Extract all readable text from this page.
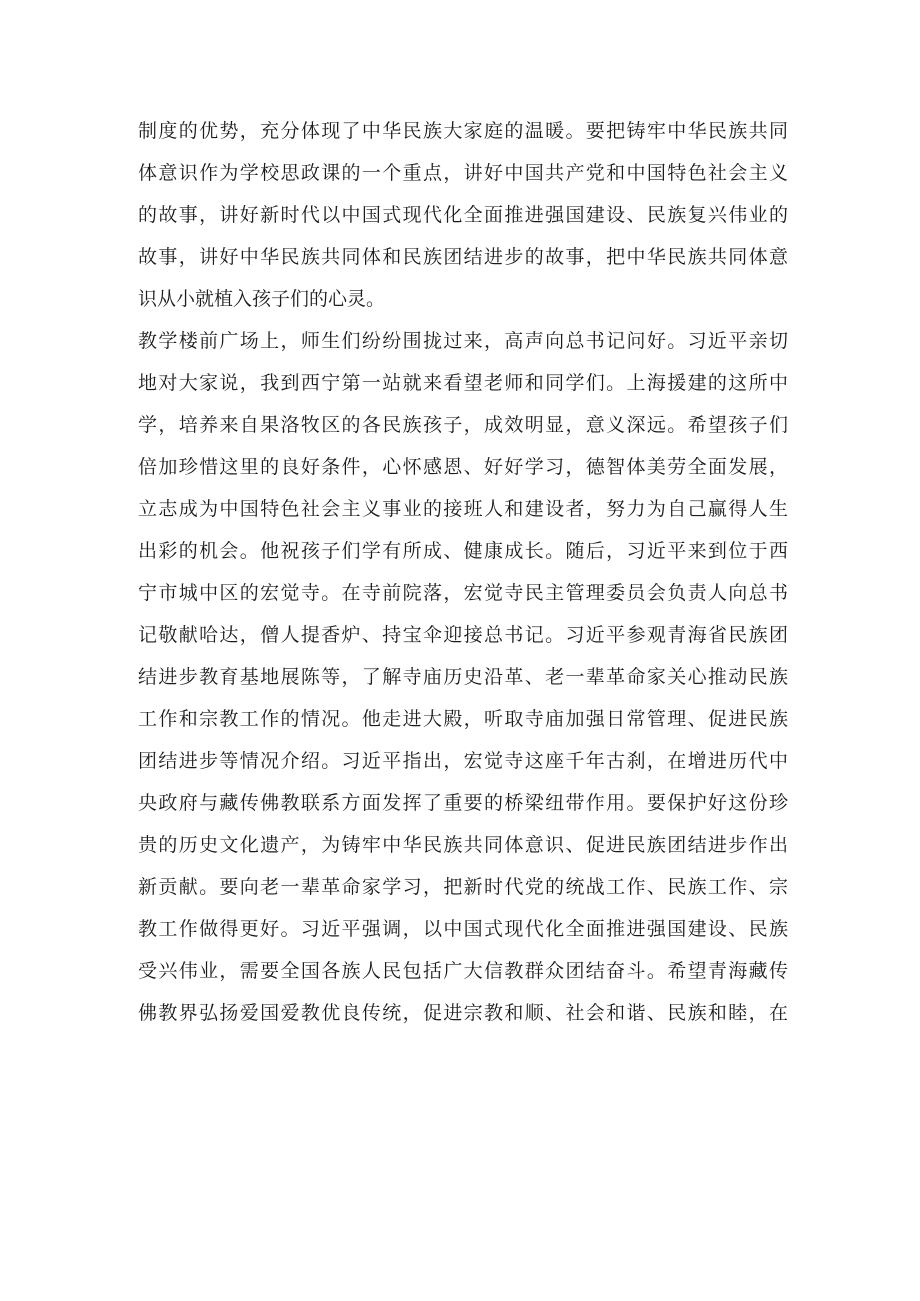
制度的优势，充分体现了中华民族大家庭的温暖。要把铸牢中华民族共同
体意识作为学校思政课的一个重点，讲好中国共产党和中国特色社会主义
的故事，讲好新时代以中国式现代化全面推进强国建设、民族复兴伟业的
故事，讲好中华民族共同体和民族团结进步的故事，把中华民族共同体意
识从小就植入孩子们的心灵。
教学楼前广场上，师生们纷纷围拢过来，高声向总书记问好。习近平亲切
地对大家说，我到西宁第一站就来看望老师和同学们。上海援建的这所中
学，培养来自果洛牧区的各民族孩子，成效明显，意义深远。希望孩子们
倍加珍惜这里的良好条件，心怀感恩、好好学习，德智体美劳全面发展，
立志成为中国特色社会主义事业的接班人和建设者，努力为自己赢得人生
出彩的机会。他祝孩子们学有所成、健康成长。随后，习近平来到位于西
宁市城中区的宏觉寺。在寺前院落，宏觉寺民主管理委员会负责人向总书
记敬献哈达，僧人提香炉、持宝伞迎接总书记。习近平参观青海省民族团
结进步教育基地展陈等，了解寺庙历史沿革、老一辈革命家关心推动民族
工作和宗教工作的情况。他走进大殿，听取寺庙加强日常管理、促进民族
团结进步等情况介绍。习近平指出，宏觉寺这座千年古刹，在增进历代中
央政府与藏传佛教联系方面发挥了重要的桥梁纽带作用。要保护好这份珍
贵的历史文化遗产，为铸牢中华民族共同体意识、促进民族团结进步作出
新贡献。要向老一辈革命家学习，把新时代党的统战工作、民族工作、宗
教工作做得更好。习近平强调，以中国式现代化全面推进强国建设、民族
受兴伟业，需要全国各族人民包括广大信教群众团结奋斗。希望青海藏传
佛教界弘扬爱国爱教优良传统，促进宗教和顺、社会和谐、民族和睦，在
